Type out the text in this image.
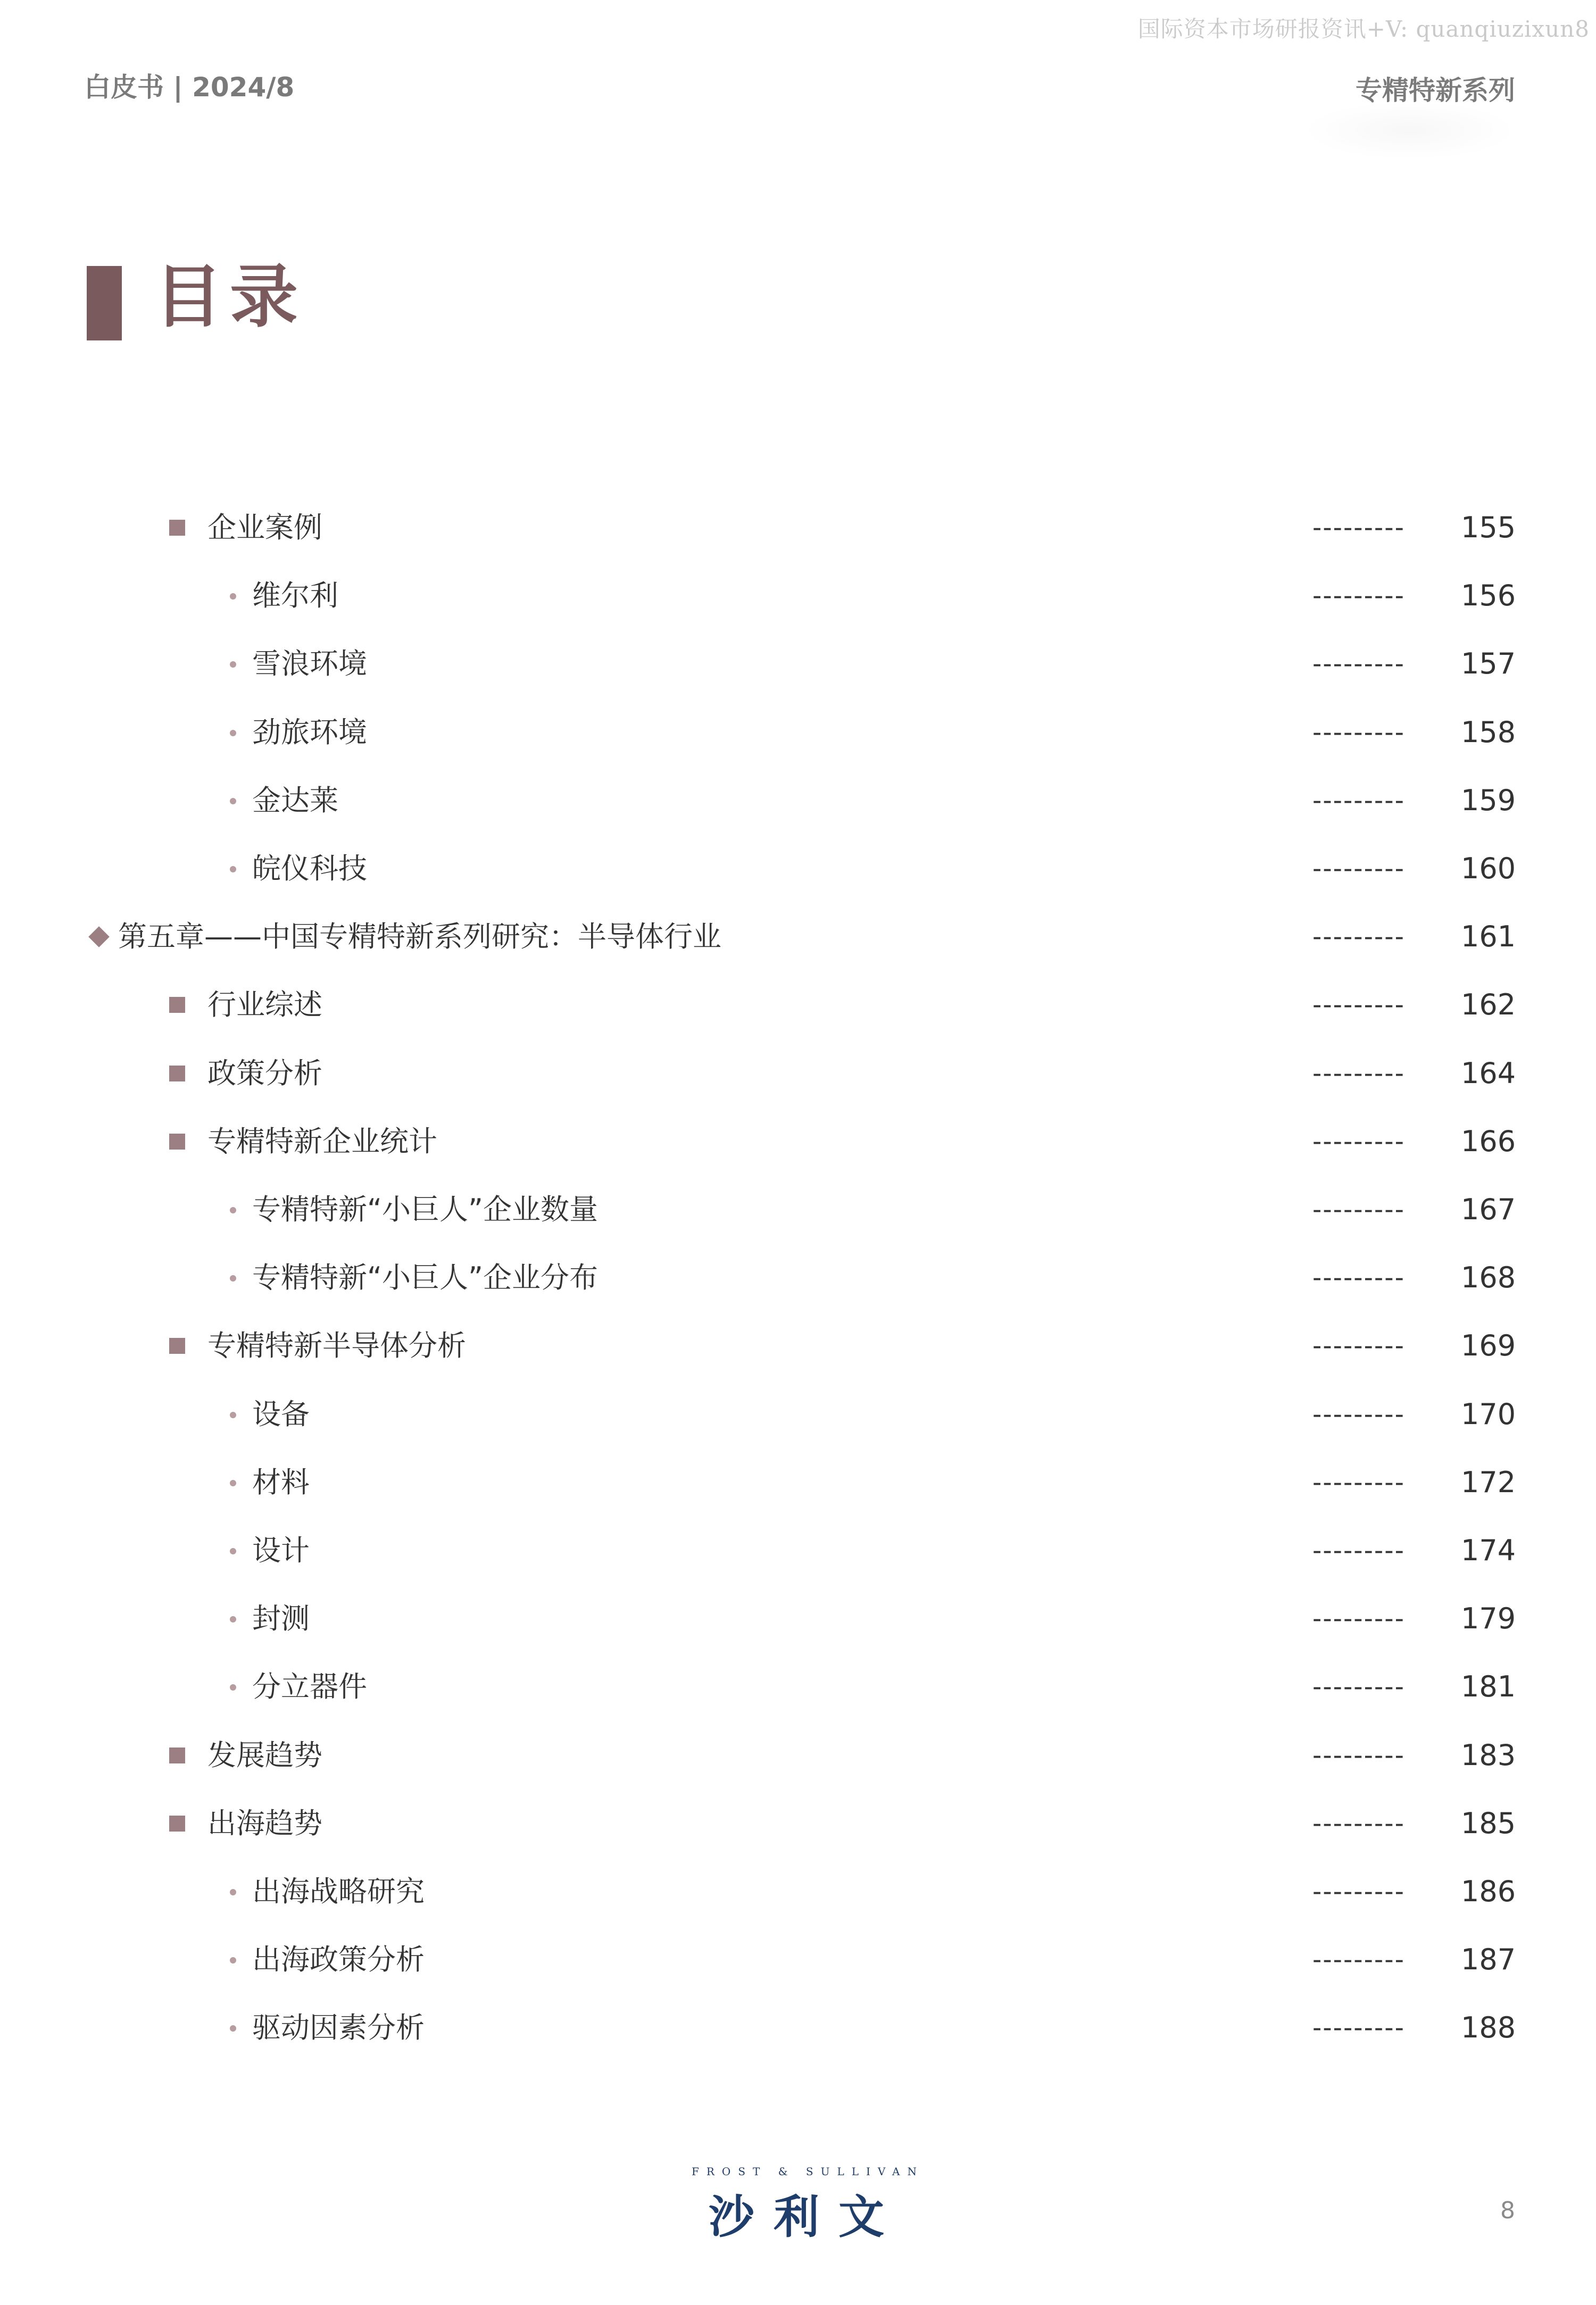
国际资本市场研报资讯+V: quanqiuzixun8
白皮书 | 2024/8	专精特新系列
目录
企业案例	--------- 155
维尔利	--------- 156
雪浪环境	--------- 157
劲旅环境	--------- 158
金达莱	--------- 159
皖仪科技	--------- 160
第五章——中国专精特新系列研究：半导体行业	--------- 161
行业综述	--------- 162
政策分析	--------- 164
专精特新企业统计	--------- 166
专精特新“小巨人”企业数量	--------- 167
专精特新“小巨人”企业分布	--------- 168
专精特新半导体分析	--------- 169
设备	--------- 170
材料	--------- 172
设计	--------- 174
封测	--------- 179
分立器件	--------- 181
发展趋势	--------- 183
出海趋势	--------- 185
出海战略研究	--------- 186
出海政策分析	--------- 187
驱动因素分析	--------- 188
FROST & SULLIVAN
沙利文	8
